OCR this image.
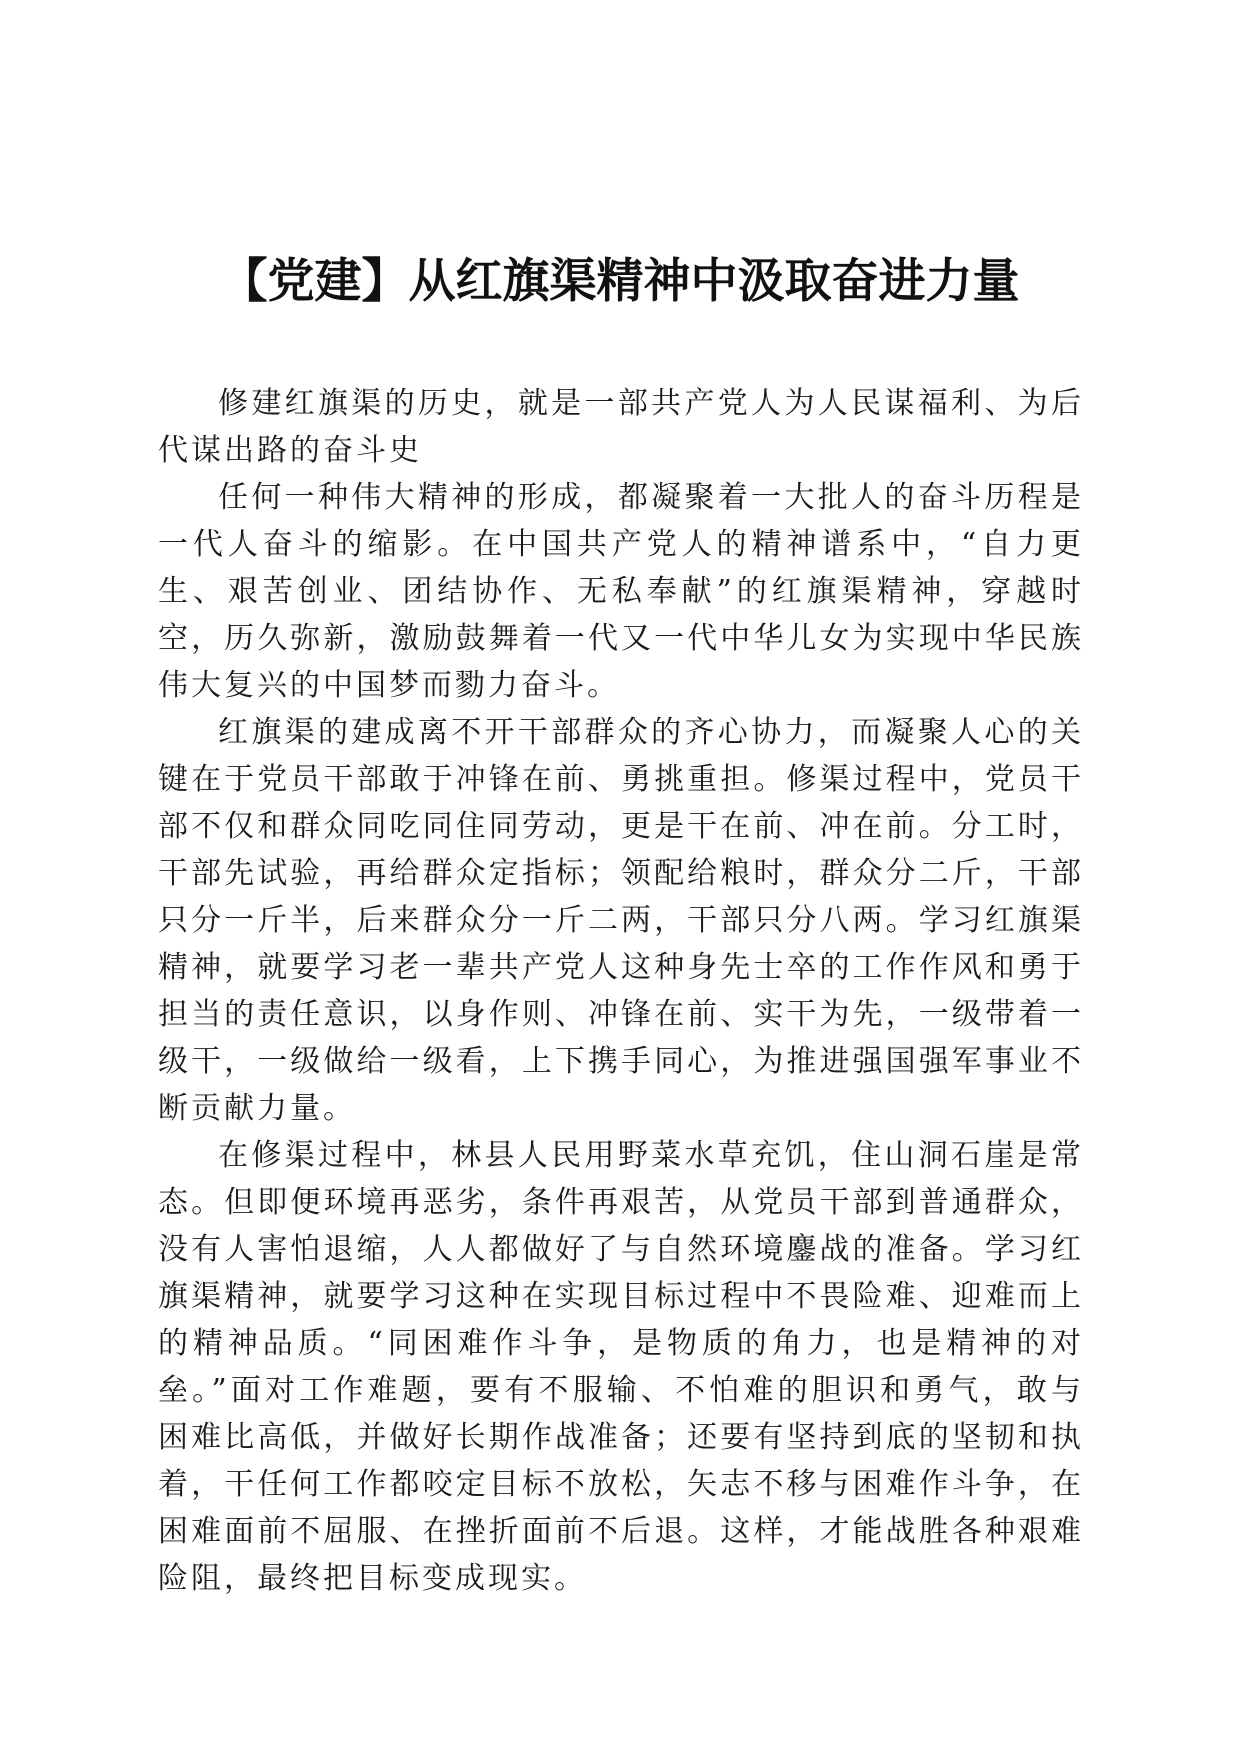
【党建】从红旗渠精神中汲取奋进力量

修建红旗渠的历史，就是一部共产党人为人民谋福利、为后代谋出路的奋斗史

任何一种伟大精神的形成，都凝聚着一大批人的奋斗历程是一代人奋斗的缩影。在中国共产党人的精神谱系中，“自力更生、艰苦创业、团结协作、无私奉献”的红旗渠精神，穿越时空，历久弥新，激励鼓舞着一代又一代中华儿女为实现中华民族伟大复兴的中国梦而勠力奋斗。

红旗渠的建成离不开干部群众的齐心协力，而凝聚人心的关键在于党员干部敢于冲锋在前、勇挑重担。修渠过程中，党员干部不仅和群众同吃同住同劳动，更是干在前、冲在前。分工时，干部先试验，再给群众定指标；领配给粮时，群众分二斤，干部只分一斤半，后来群众分一斤二两，干部只分八两。学习红旗渠精神，就要学习老一辈共产党人这种身先士卒的工作作风和勇于担当的责任意识，以身作则、冲锋在前、实干为先，一级带着一级干，一级做给一级看，上下携手同心，为推进强国强军事业不断贡献力量。

在修渠过程中，林县人民用野菜水草充饥，住山洞石崖是常态。但即便环境再恶劣，条件再艰苦，从党员干部到普通群众，没有人害怕退缩，人人都做好了与自然环境鏖战的准备。学习红旗渠精神，就要学习这种在实现目标过程中不畏险难、迎难而上的精神品质。“同困难作斗争，是物质的角力，也是精神的对垒。”面对工作难题，要有不服输、不怕难的胆识和勇气，敢与困难比高低，并做好长期作战准备；还要有坚持到底的坚韧和执着，干任何工作都咬定目标不放松，矢志不移与困难作斗争，在困难面前不屈服、在挫折面前不后退。这样，才能战胜各种艰难险阻，最终把目标变成现实。
